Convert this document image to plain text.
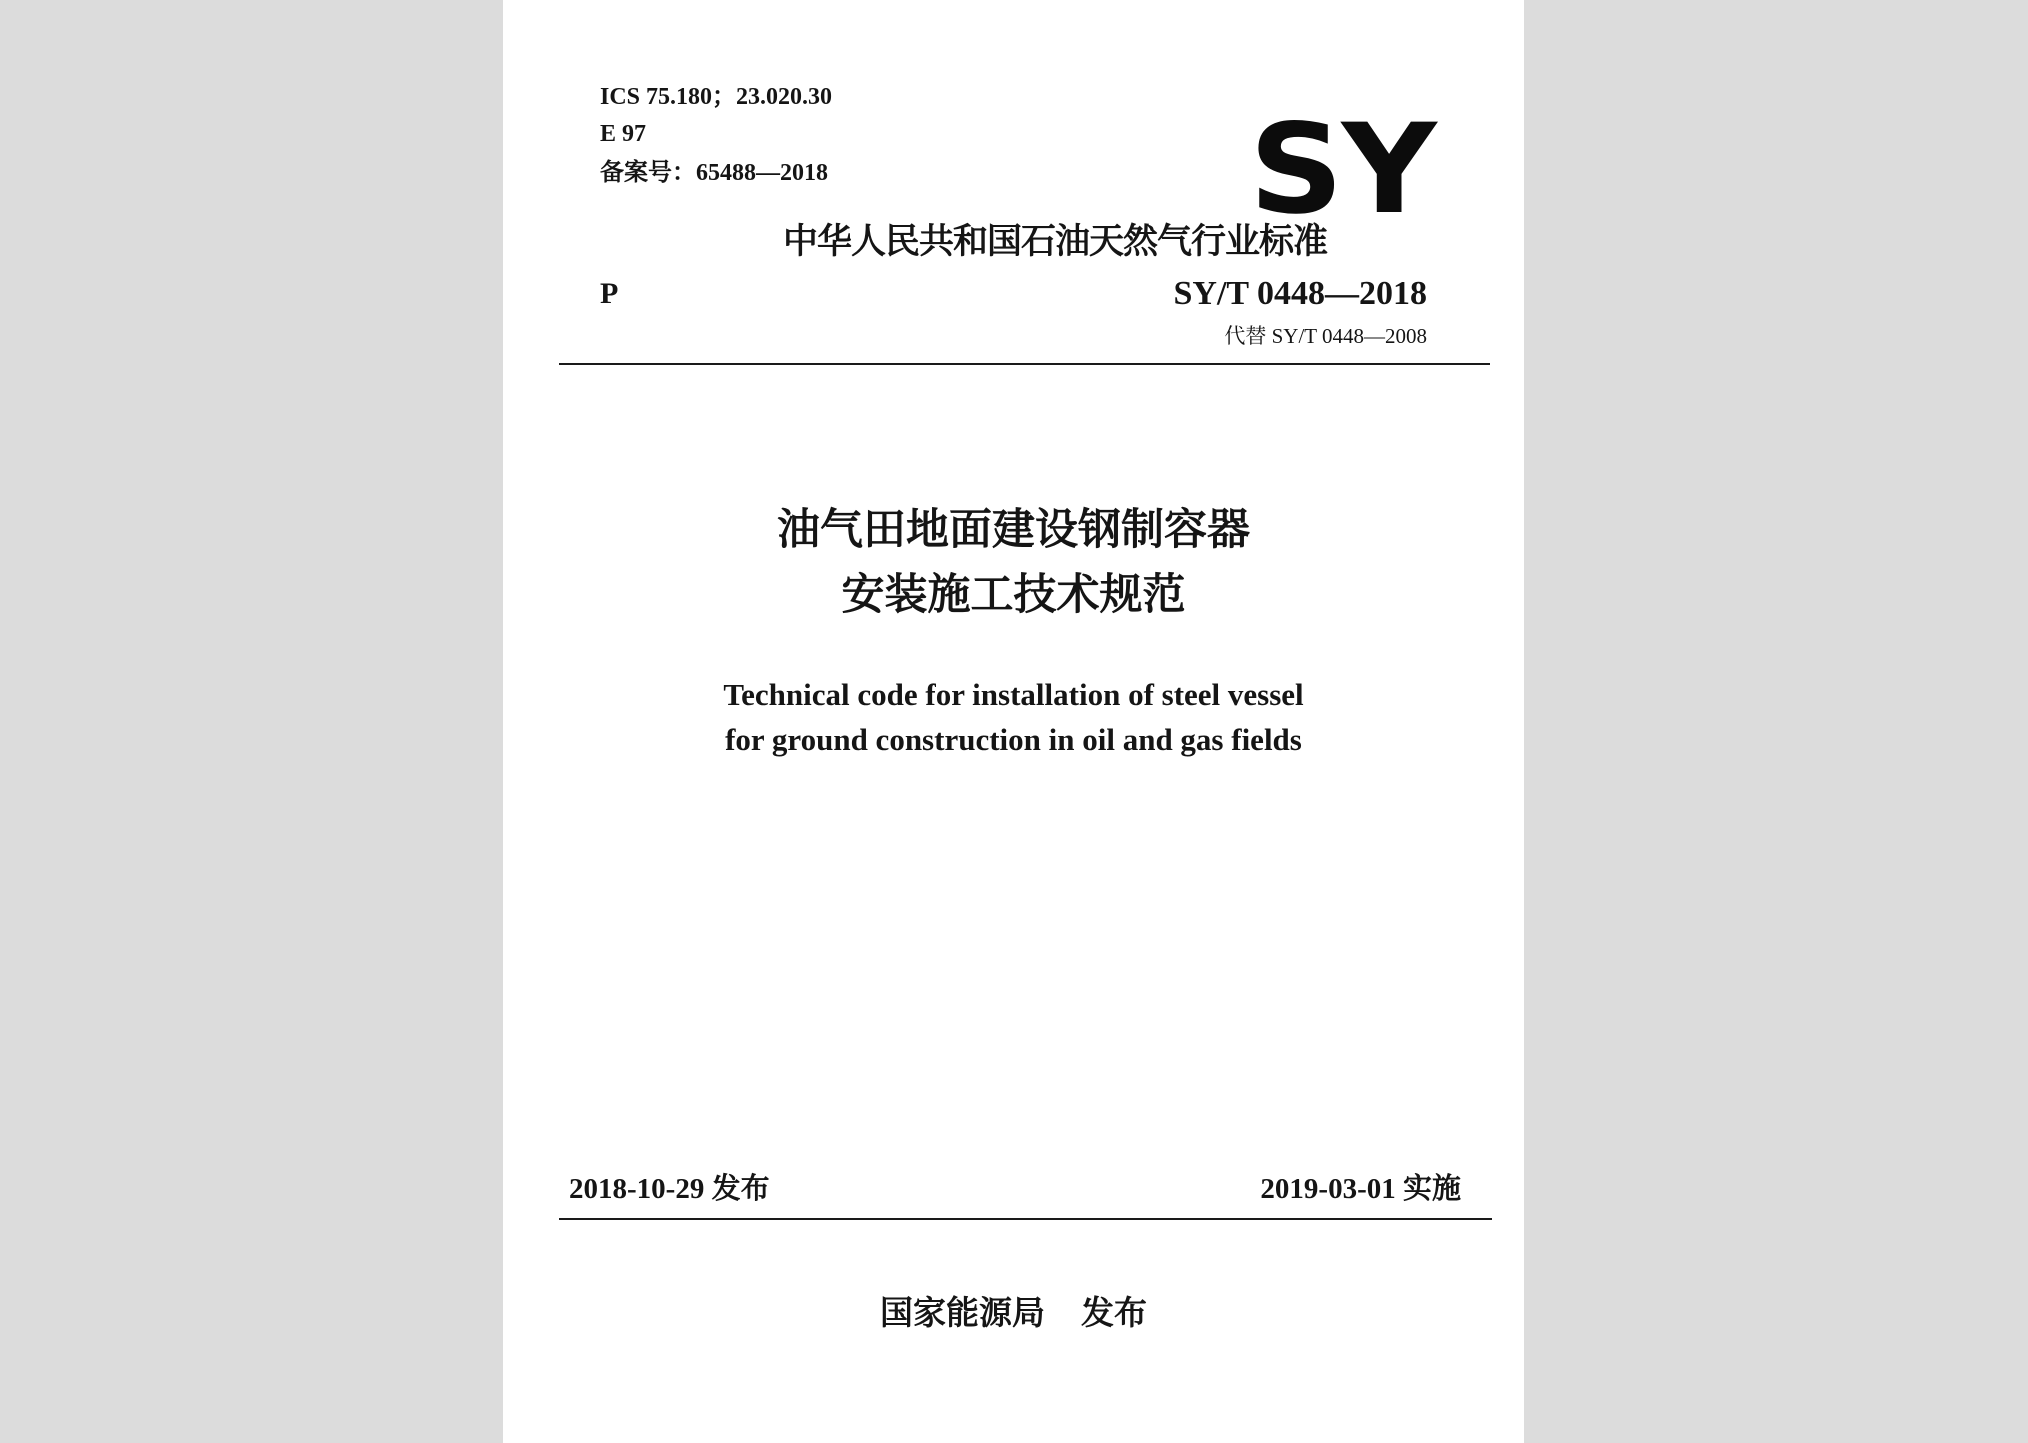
ICS 75.180；23.020.30
E 97
备案号：65488—2018	SY
中华人民共和国石油天然气行业标准
P	SY/T 0448—2018
代替 SY/T 0448—2008
油气田地面建设钢制容器
安装施工技术规范
Technical code for installation of steel vessel
for ground construction in oil and gas fields
2018-10-29 发布	2019-03-01 实施
国家能源局 发布
